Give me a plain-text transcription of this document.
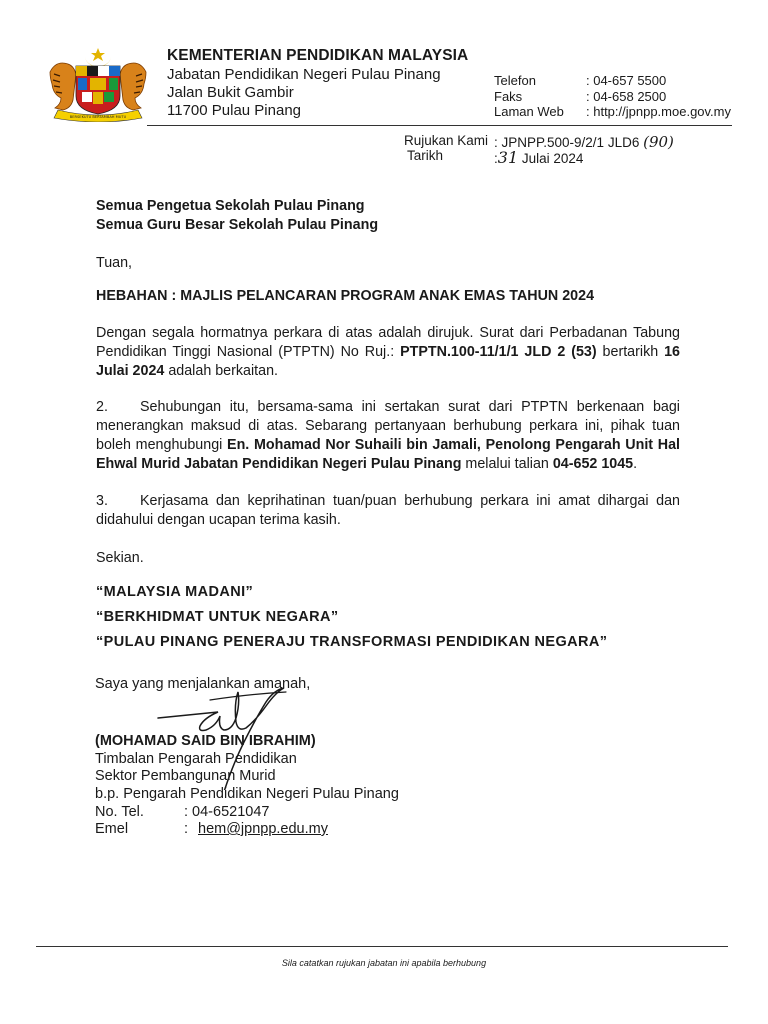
BERSEKUTU BERTAMBAH MUTU
KEMENTERIAN PENDIDIKAN MALAYSIA
Jabatan Pendidikan Negeri Pulau Pinang
Jalan Bukit Gambir
11700 Pulau Pinang
Telefon	: 04-657 5500
Faks	: 04-658 2500
Laman Web : http://jpnpp.moe.gov.my
Rujukan Kami : JPNPP.500-9/2/1 JLD6 (90)
Tarikh	:31 Julai 2024
Semua Pengetua Sekolah Pulau Pinang
Semua Guru Besar Sekolah Pulau Pinang
Tuan,
HEBAHAN : MAJLIS PELANCARAN PROGRAM ANAK EMAS TAHUN 2024
Dengan segala hormatnya perkara di atas adalah dirujuk. Surat dari Perbadanan Tabung Pendidikan Tinggi Nasional (PTPTN) No Ruj.: PTPTN.100-11/1/1 JLD 2 (53) bertarikh 16 Julai 2024 adalah berkaitan.
2. Sehubungan itu, bersama-sama ini sertakan surat dari PTPTN berkenaan bagi menerangkan maksud di atas. Sebarang pertanyaan berhubung perkara ini, pihak tuan boleh menghubungi En. Mohamad Nor Suhaili bin Jamali, Penolong Pengarah Unit Hal Ehwal Murid Jabatan Pendidikan Negeri Pulau Pinang melalui talian 04-652 1045.
3. Kerjasama dan keprihatinan tuan/puan berhubung perkara ini amat dihargai dan didahului dengan ucapan terima kasih.
Sekian.
“MALAYSIA MADANI”
“BERKHIDMAT UNTUK NEGARA”
“PULAU PINANG PENERAJU TRANSFORMASI PENDIDIKAN NEGARA”
Saya yang menjalankan amanah,
(MOHAMAD SAID BIN IBRAHIM)
Timbalan Pengarah Pendidikan
Sektor Pembangunan Murid
b.p. Pengarah Pendidikan Negeri Pulau Pinang
No. Tel.	: 04-6521047
Emel	: hem@jpnpp.edu.my
Sila catatkan rujukan jabatan ini apabila berhubung
